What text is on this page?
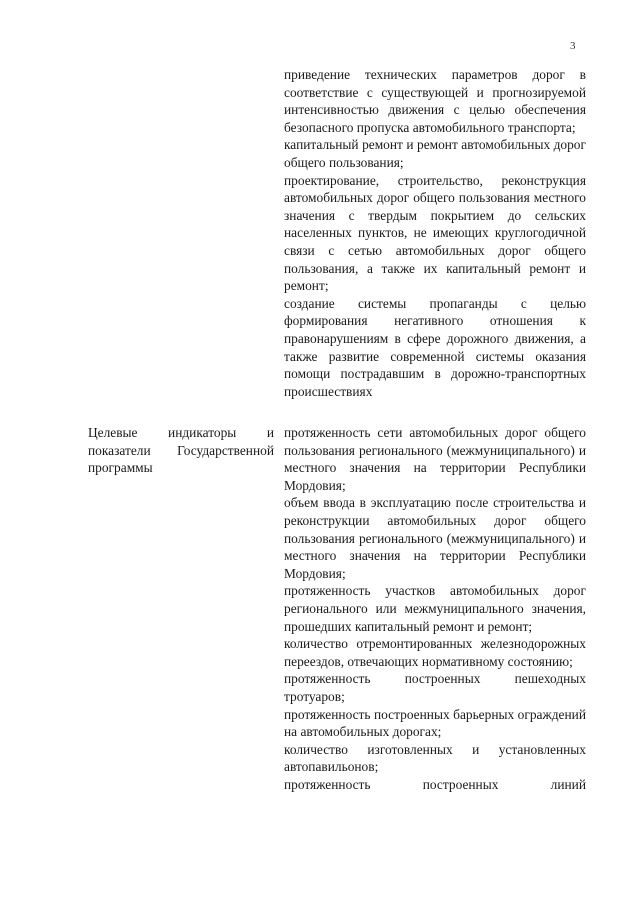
3

приведение технических параметров дорог в соответствие с существующей и прогнозируемой интенсивностью движения с целью обеспечения безопасного пропуска автомобильного транспорта;

капитальный ремонт и ремонт автомобильных дорог общего пользования;

проектирование, строительство, реконструкция автомобильных дорог общего пользования местного значения с твердым покрытием до сельских населенных пунктов, не имеющих круглогодичной связи с сетью автомобильных дорог общего пользования, а также их капитальный ремонт и ремонт;

создание системы пропаганды с целью формирования негативного отношения к правонарушениям в сфере дорожного движения, а также развитие современной системы оказания помощи пострадавшим в дорожно-транспортных происшествиях

Целевые индикаторы и показатели Государственной программы

протяженность сети автомобильных дорог общего пользования регионального (межмуниципального) и местного значения на территории Республики Мордовия;

объем ввода в эксплуатацию после строительства и реконструкции автомобильных дорог общего пользования регионального (межмуниципального) и местного значения на территории Республики Мордовия;

протяженность участков автомобильных дорог регионального или межмуниципального значения, прошедших капитальный ремонт и ремонт;

количество отремонтированных железнодорожных переездов, отвечающих нормативному состоянию;

протяженность построенных пешеходных тротуаров;

протяженность построенных барьерных ограждений на автомобильных дорогах;

количество изготовленных и установленных автопавильонов;

протяженность построенных линий
